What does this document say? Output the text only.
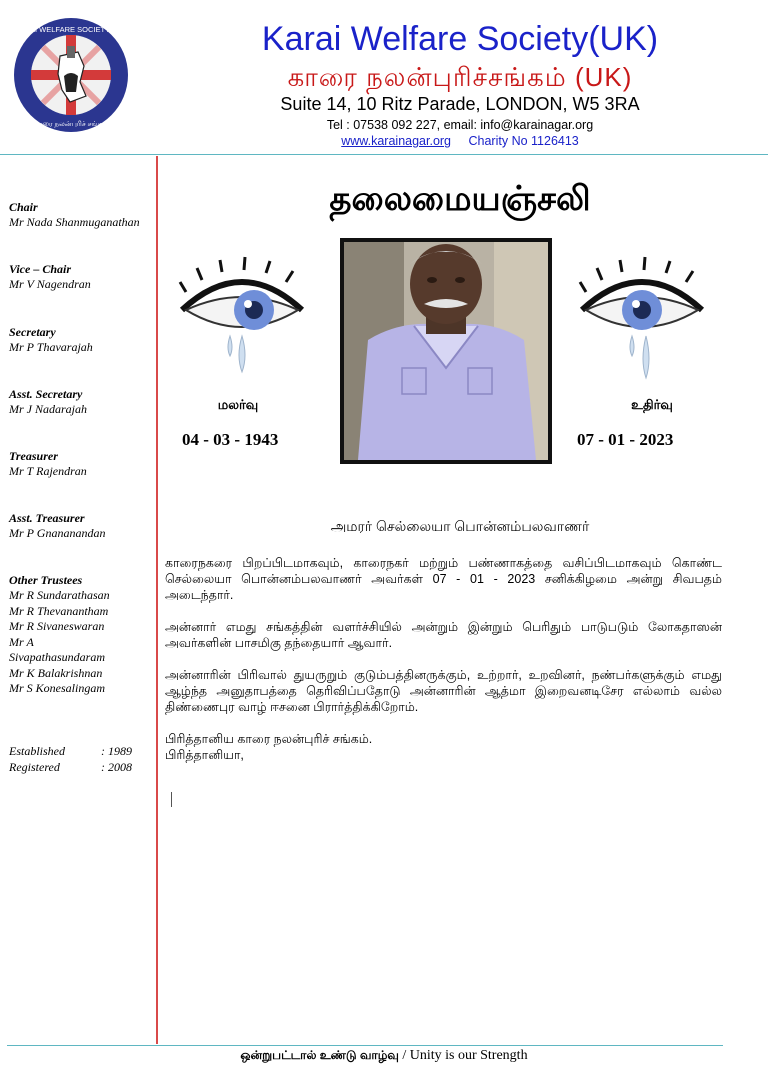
KARAI WELFARE SOCIETY (UK)
காரை நலன்புரிச் சங்கம்
Karai Welfare Society(UK)
காரை நலன்புரிச்சங்கம் (UK)
Suite 14, 10 Ritz Parade, LONDON, W5 3RA
Tel : 07538 092 227, email: info@karainagar.org
www.karainagar.org Charity No 1126413
Chair
Mr Nada Shanmuganathan
Vice – Chair
Mr V Nagendran
Secretary
Mr P Thavarajah
Asst. Secretary
Mr J Nadarajah
Treasurer
Mr T Rajendran
Asst. Treasurer
Mr P Gnananandan
Other Trustees
Mr R Sundarathasan
Mr R Thevanantham
Mr R Sivaneswaran
Mr A
Sivapathasundaram
Mr K Balakrishnan
Mr S Konesalingam
Established	: 1989
Registered	: 2008
தலைமையஞ்சலி
மலர்வு	உதிர்வு
04 - 03 - 1943	07 - 01 - 2023
அமரர் செல்லையா பொன்னம்பலவாணர்
காரைநகரை பிறப்பிடமாகவும், காரைநகர் மற்றும் பண்ணாகத்தை வசிப்பிடமாகவும் கொண்ட செல்லையா பொன்னம்பலவாணர் அவர்கள் 07 - 01 - 2023 சனிக்கிழமை அன்று சிவபதம் அடைந்தார்.
அன்னார் எமது சங்கத்தின் வளர்ச்சியில் அன்றும் இன்றும் பெரிதும் பாடுபடும் லோகதாஸன் அவர்களின் பாசமிகு தந்தையார் ஆவார்.
அன்னாரின் பிரிவால் துயருறும் குடும்பத்தினருக்கும், உற்றார், உறவினர், நண்பர்களுக்கும் எமது ஆழ்ந்த அனுதாபத்தை தெரிவிப்பதோடு அன்னாரின் ஆத்மா இறைவனடிசேர எல்லாம் வல்ல திண்ணைபுர வாழ் ஈசனை பிரார்த்திக்கிறோம்.
பிரித்தானிய காரை நலன்புரிச் சங்கம்.
பிரித்தானியா,
ஒன்றுபட்டால் உண்டு வாழ்வு / Unity is our Strength
